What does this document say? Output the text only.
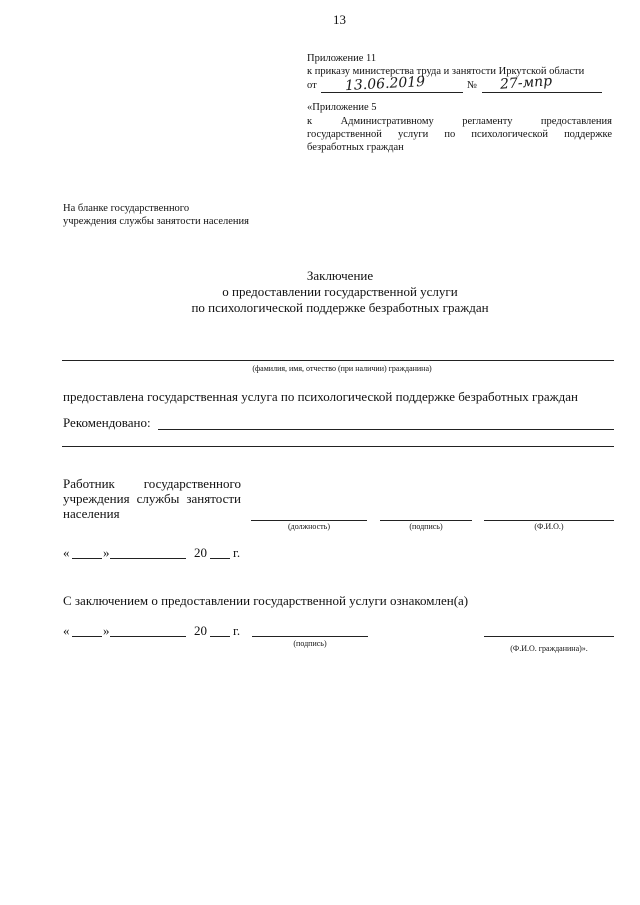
13
Приложение 11
к приказу министерства труда и занятости Иркутской области
от 13.06.2019	№ 27-мпр
«Приложение 5
к	Административному	регламенту	предоставления
государственной услуги по психологической поддержке
безработных граждан
На бланке государственного
учреждения службы занятости населения
Заключение
о предоставлении государственной услуги
по психологической поддержке безработных граждан
(фамилия, имя, отчество (при наличии) гражданина)
предоставлена государственная услуга по психологической поддержке безработных граждан
Рекомендовано:
Работник государственного
учреждения службы занятости
населения
(должность)	(подпись)	(Ф.И.О.)
«	»	20 г.
С заключением о предоставлении государственной услуги ознакомлен(а)
«	»	20 г.
(подпись)
(Ф.И.О. гражданина)».
